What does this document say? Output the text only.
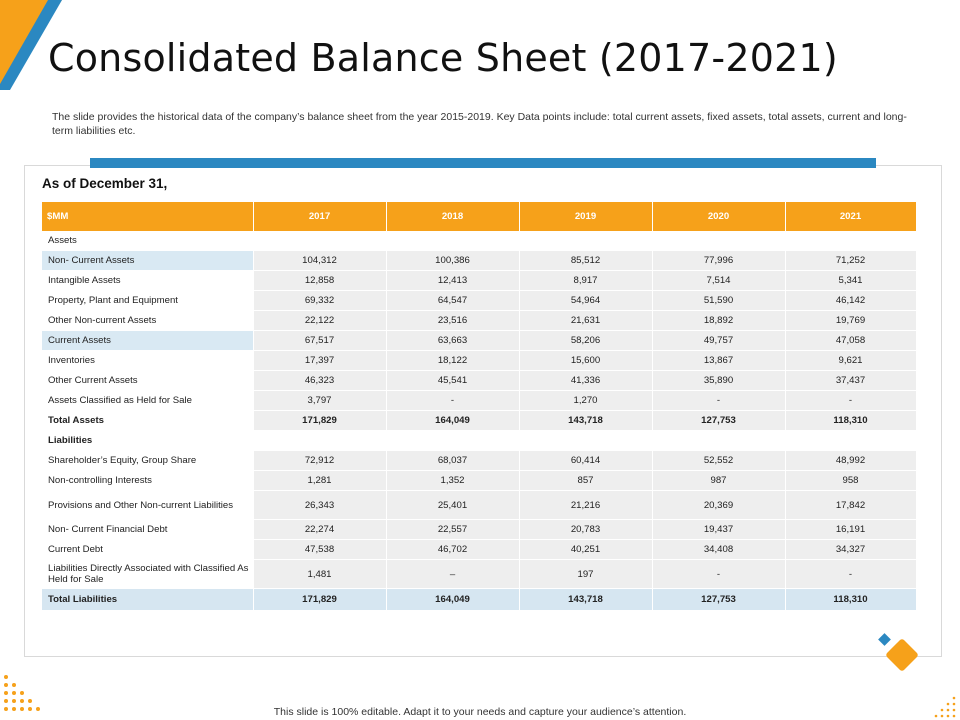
Consolidated Balance Sheet (2017-2021)
The slide provides the historical data of the company’s balance sheet from the year 2015-2019. Key Data points include: total current assets, fixed assets, total assets, current and long-term liabilities etc.
As of December 31,
$MM	2017	2018	2019	2020	2021
Assets					
Non- Current Assets	104,312	100,386	85,512	77,996	71,252
Intangible Assets	12,858	12,413	8,917	7,514	5,341
Property, Plant and Equipment	69,332	64,547	54,964	51,590	46,142
Other Non-current Assets	22,122	23,516	21,631	18,892	19,769
Current Assets	67,517	63,663	58,206	49,757	47,058
Inventories	17,397	18,122	15,600	13,867	9,621
Other Current Assets	46,323	45,541	41,336	35,890	37,437
Assets Classified as Held for Sale	3,797	-	1,270	-	-
Total Assets	171,829	164,049	143,718	127,753	118,310
Liabilities					
Shareholder’s Equity, Group Share	72,912	68,037	60,414	52,552	48,992
Non-controlling Interests	1,281	1,352	857	987	958
Provisions and Other Non-current Liabilities	26,343	25,401	21,216	20,369	17,842
Non- Current Financial Debt	22,274	22,557	20,783	19,437	16,191
Current Debt	47,538	46,702	40,251	34,408	34,327
Liabilities Directly Associated with Classified As Held for Sale	1,481	–	197	-	-
Total Liabilities	171,829	164,049	143,718	127,753	118,310
This slide is 100% editable. Adapt it to your needs and capture your audience’s attention.
